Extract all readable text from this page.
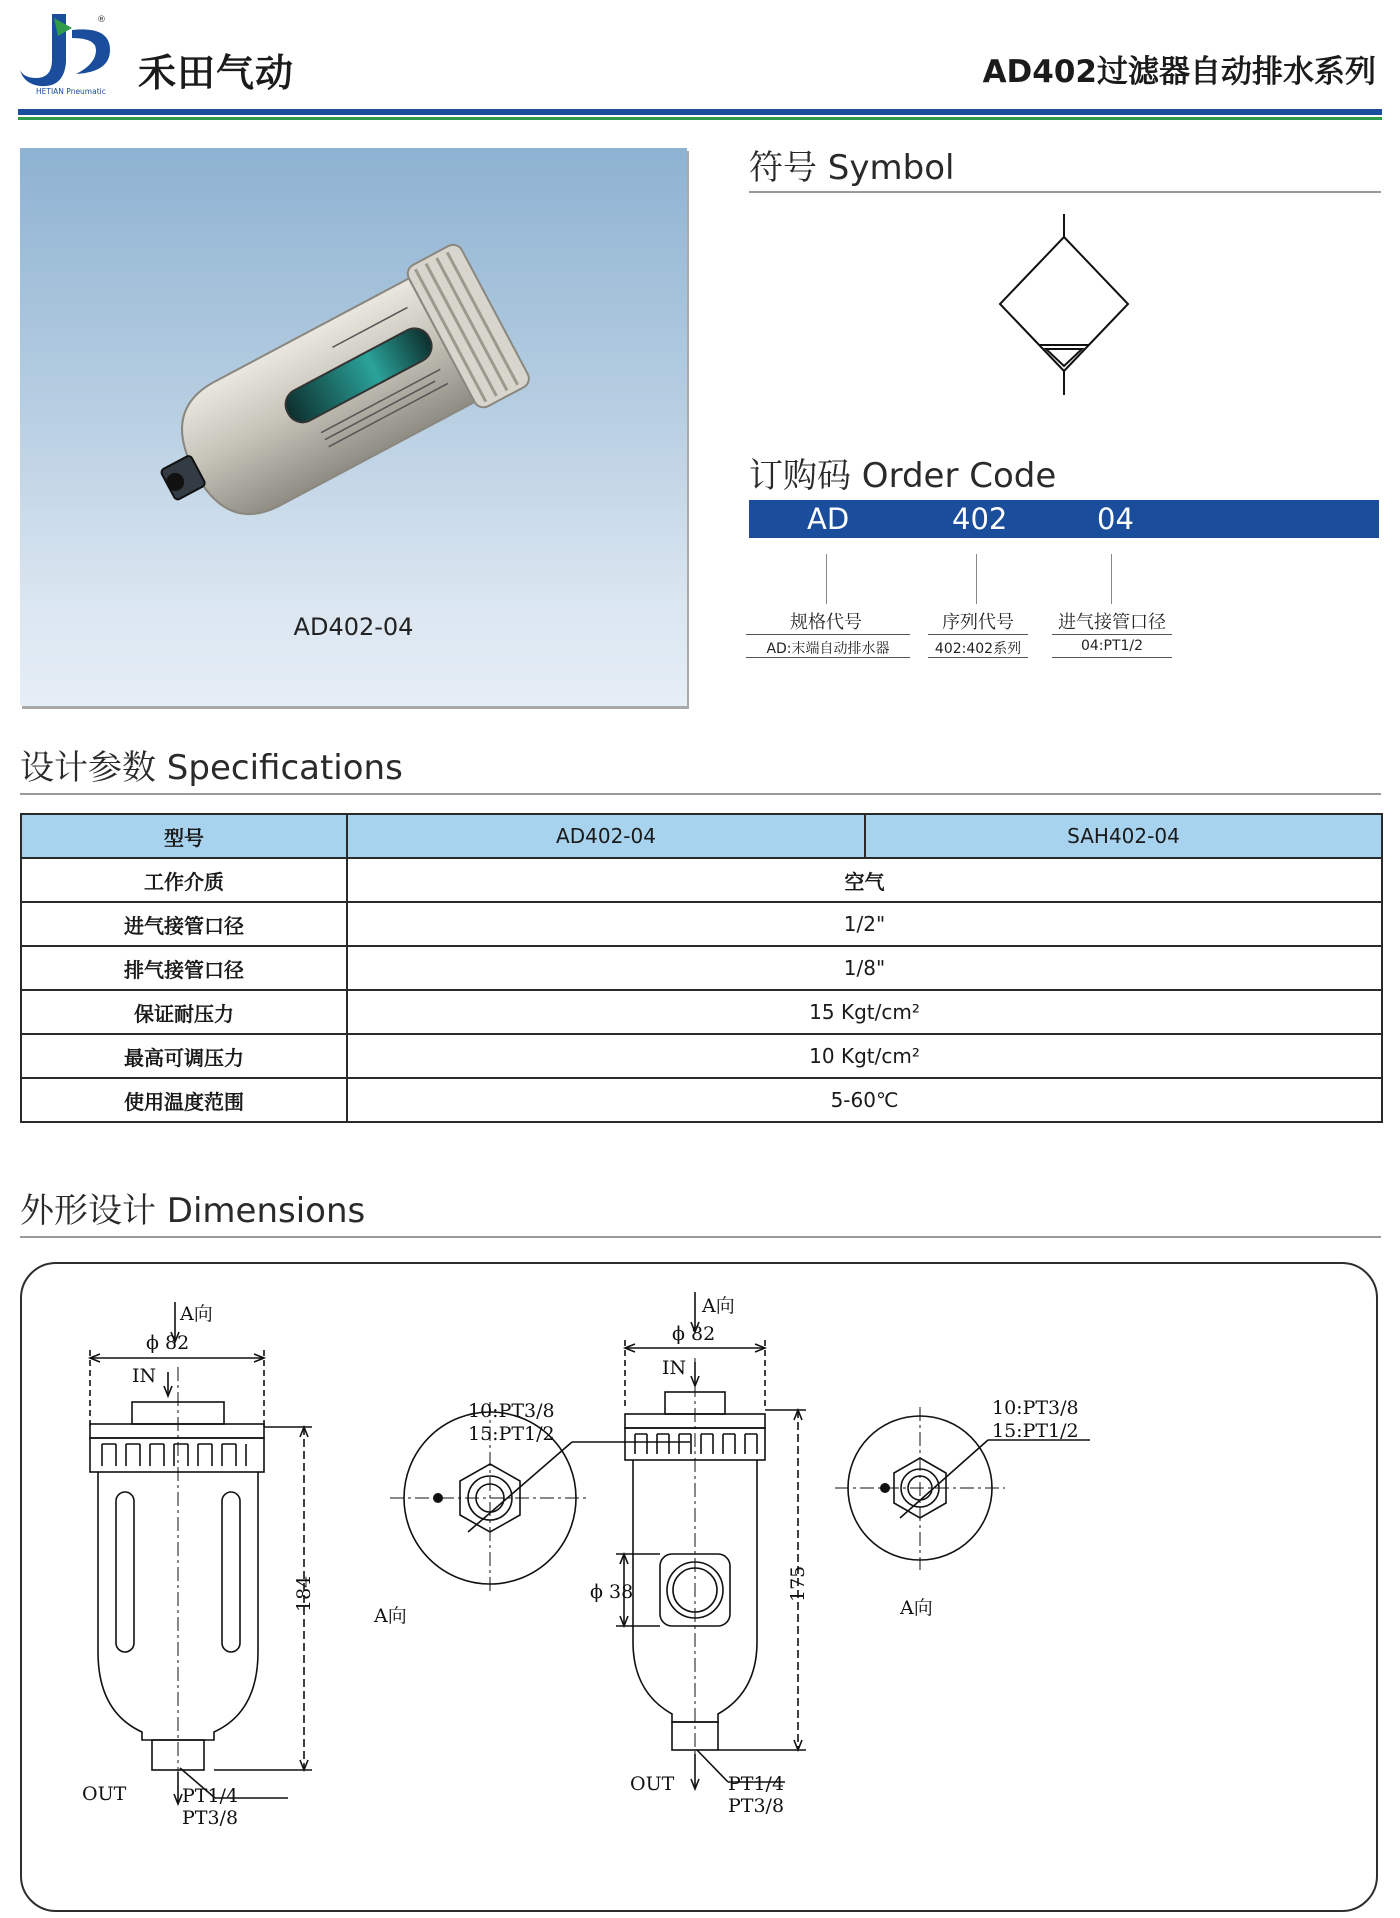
®
HETIAN Pneumatic 禾田气动	AD402过滤器自动排水系列
AD402-04
符号 Symbol
订购码 Order Code
AD	402	04
规格代号
AD:末端自动排水器
序列代号
402:402系列
进气接管口径
04:PT1/2
设计参数 Specifications
型号	AD402-04	SAH402-04
工作介质	空气	
进气接管口径	1/2"	
排气接管口径	1/8"	
保证耐压力	15 Kgt/cm²	
最高可调压力	10 Kgt/cm²	
使用温度范围	5-60℃	
外形设计 Dimensions
A向
ϕ 82
IN
184
OUT	PT1/4
PT3/8
10:PT3/8
15:PT1/2
A向
A向
ϕ 82
IN
ϕ 38	175
OUT	PT1/4
PT3/8
10:PT3/8
15:PT1/2
A向
